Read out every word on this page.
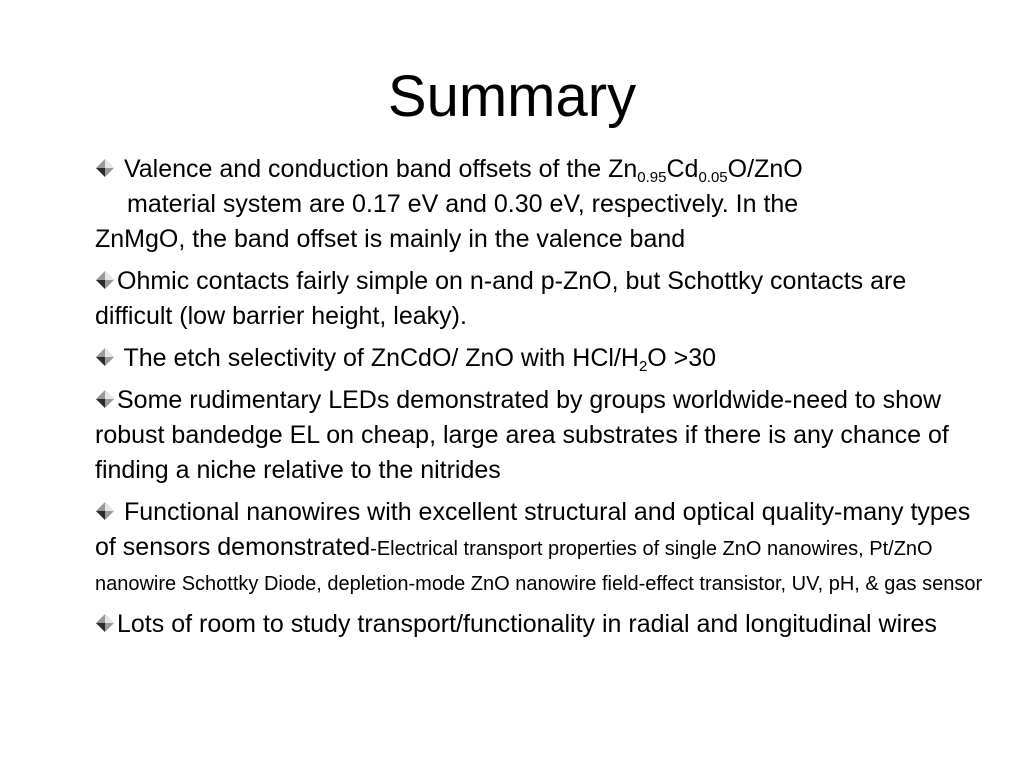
Summary
Valence and conduction band offsets of the $Zn_{0.95}Cd_{0.05}O$/ZnO
material system are 0.17 eV and 0.30 eV, respectively. In the
ZnMgO, the band offset is mainly in the valence band
Ohmic contacts fairly simple on n-and p-ZnO, but Schottky contacts are difficult (low barrier height, leaky).
The etch selectivity of ZnCdO/ ZnO with HCl/$H_2O >30$
Some rudimentary LEDs demonstrated by groups worldwide-need to show robust bandedge EL on cheap, large area substrates if there is any chance of finding a niche relative to the nitrides
Functional nanowires with excellent structural and optical quality-many types of sensors demonstrated-Electrical transport properties of single ZnO nanowires, Pt/ZnO nanowire Schottky Diode, depletion-mode ZnO nanowire field-effect transistor, UV, pH, & gas sensor
Lots of room to study transport/functionality in radial and longitudinal wires
